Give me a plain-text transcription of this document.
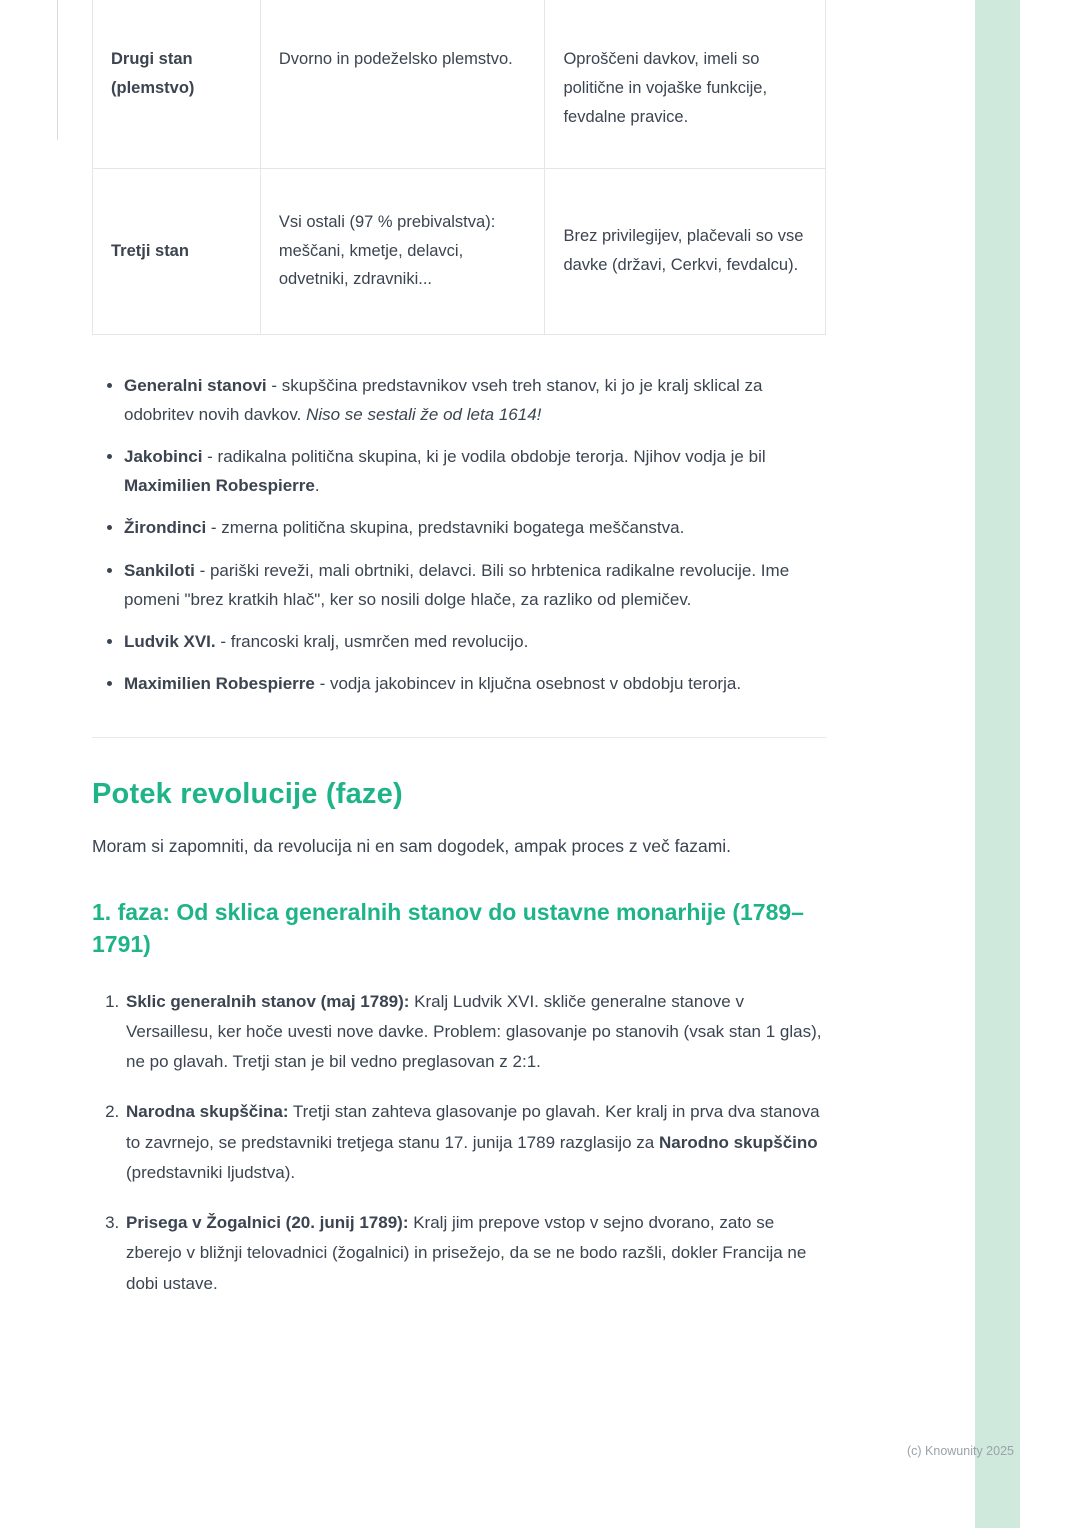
Drugi stan (plemstvo)	Dvorno in podeželsko plemstvo.	Oproščeni davkov, imeli so politične in vojaške funkcije, fevdalne pravice.
Tretji stan	Vsi ostali (97 % prebivalstva): meščani, kmetje, delavci, odvetniki, zdravniki...	Brez privilegijev, plačevali so vse davke (državi, Cerkvi, fevdalcu).
• Generalni stanovi - skupščina predstavnikov vseh treh stanov, ki jo je kralj sklical za odobritev novih davkov. Niso se sestali že od leta 1614!
• Jakobinci - radikalna politična skupina, ki je vodila obdobje terorja. Njihov vodja je bil Maximilien Robespierre.
• Žirondinci - zmerna politična skupina, predstavniki bogatega meščanstva.
• Sankiloti - pariški reveži, mali obrtniki, delavci. Bili so hrbtenica radikalne revolucije. Ime pomeni "brez kratkih hlač", ker so nosili dolge hlače, za razliko od plemičev.
• Ludvik XVI. - francoski kralj, usmrčen med revolucijo.
• Maximilien Robespierre - vodja jakobincev in ključna osebnost v obdobju terorja.
Potek revolucije (faze)

Moram si zapomniti, da revolucija ni en sam dogodek, ampak proces z več fazami.

1. faza: Od sklica generalnih stanov do ustavne monarhije (1789–1791)
1. Sklic generalnih stanov (maj 1789): Kralj Ludvik XVI. skliče generalne stanove v Versaillesu, ker hoče uvesti nove davke. Problem: glasovanje po stanovih (vsak stan 1 glas), ne po glavah. Tretji stan je bil vedno preglasovan z 2:1.
2. Narodna skupščina: Tretji stan zahteva glasovanje po glavah. Ker kralj in prva dva stanova to zavrnejo, se predstavniki tretjega stanu 17. junija 1789 razglasijo za Narodno skupščino (predstavniki ljudstva).
3. Prisega v Žogalnici (20. junij 1789): Kralj jim prepove vstop v sejno dvorano, zato se zberejo v bližnji telovadnici (žogalnici) in prisežejo, da se ne bodo razšli, dokler Francija ne dobi ustave.
(c) Knowunity 2025
